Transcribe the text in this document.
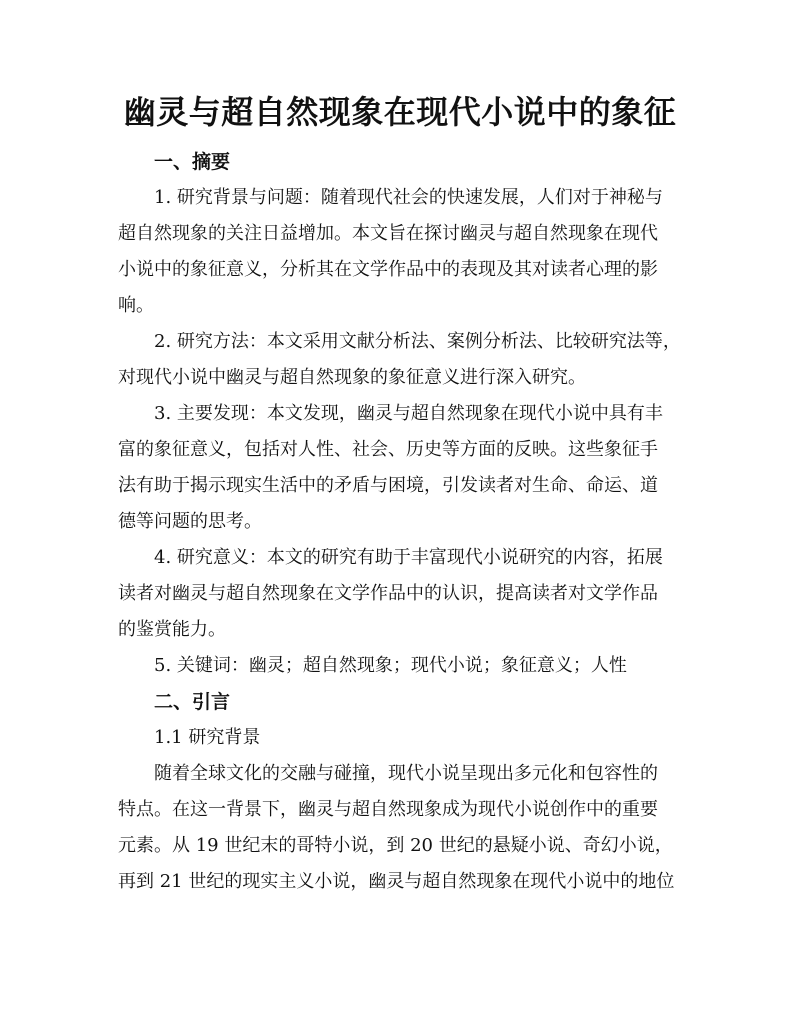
幽灵与超自然现象在现代小说中的象征
一、摘要
1. 研究背景与问题：随着现代社会的快速发展，人们对于神秘与
超自然现象的关注日益增加。本文旨在探讨幽灵与超自然现象在现代
小说中的象征意义，分析其在文学作品中的表现及其对读者心理的影
响。
2. 研究方法：本文采用文献分析法、案例分析法、比较研究法等，
对现代小说中幽灵与超自然现象的象征意义进行深入研究。
3. 主要发现：本文发现，幽灵与超自然现象在现代小说中具有丰
富的象征意义，包括对人性、社会、历史等方面的反映。这些象征手
法有助于揭示现实生活中的矛盾与困境，引发读者对生命、命运、道
德等问题的思考。
4. 研究意义：本文的研究有助于丰富现代小说研究的内容，拓展
读者对幽灵与超自然现象在文学作品中的认识，提高读者对文学作品
的鉴赏能力。
5. 关键词：幽灵；超自然现象；现代小说；象征意义；人性
二、引言
1.1 研究背景
随着全球文化的交融与碰撞，现代小说呈现出多元化和包容性的
特点。在这一背景下，幽灵与超自然现象成为现代小说创作中的重要
元素。从 19 世纪末的哥特小说，到 20 世纪的悬疑小说、奇幻小说，
再到 21 世纪的现实主义小说，幽灵与超自然现象在现代小说中的地位
